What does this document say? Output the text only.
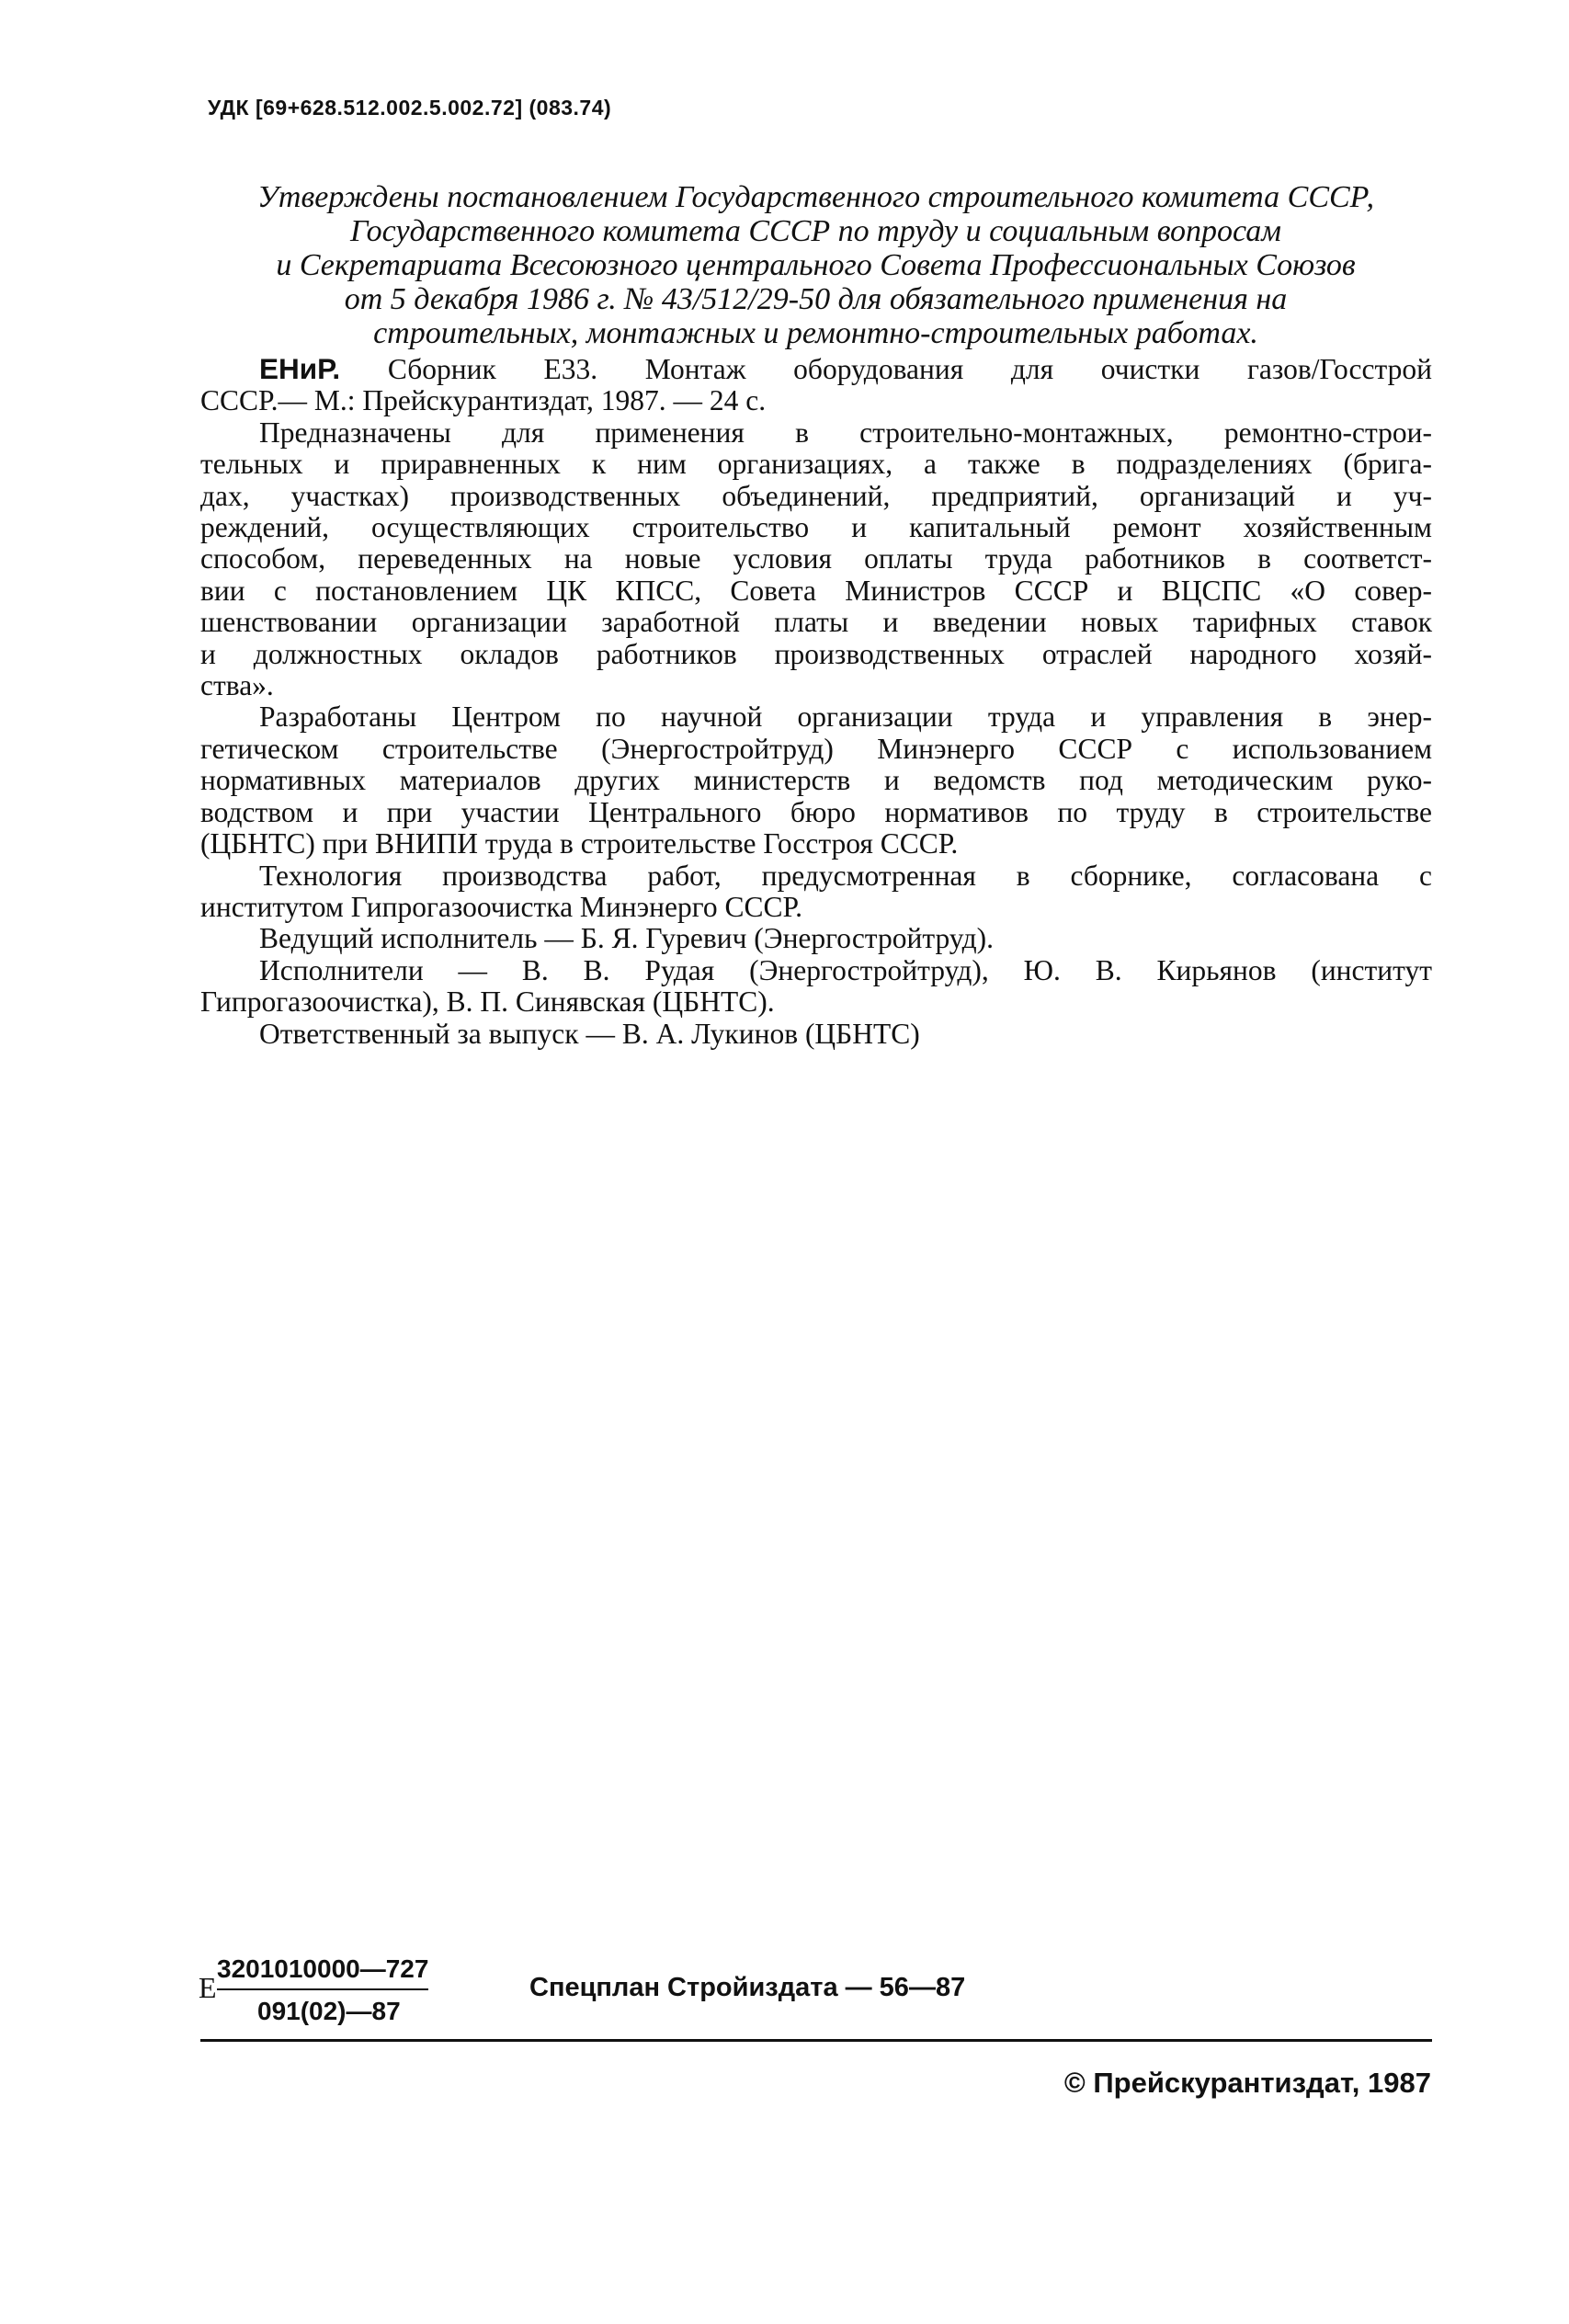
УДК [69+628.512.002.5.002.72] (083.74)
Утверждены постановлением Государственного строительного комитета СССР,
Государственного комитета СССР по труду и социальным вопросам
и Секретариата Всесоюзного центрального Совета Профессиональных Союзов
от 5 декабря 1986 г. № 43/512/29-50 для обязательного применения на
строительных, монтажных и ремонтно-строительных работах.
ЕНиР. Сборник Е33. Монтаж оборудования для очистки газов/Госстрой
СССР.— М.: Прейскурантиздат, 1987. — 24 с.
Предназначены для применения в строительно-монтажных, ремонтно-строи-
тельных и приравненных к ним организациях, а также в подразделениях (брига-
дах, участках) производственных объединений, предприятий, организаций и уч-
реждений, осуществляющих строительство и капитальный ремонт хозяйственным
способом, переведенных на новые условия оплаты труда работников в соответст-
вии с постановлением ЦК КПСС, Совета Министров СССР и ВЦСПС «О совер-
шенствовании организации заработной платы и введении новых тарифных ставок
и должностных окладов работников производственных отраслей народного хозяй-
ства».
Разработаны Центром по научной организации труда и управления в энер-
гетическом строительстве (Энергостройтруд) Минэнерго СССР с использованием
нормативных материалов других министерств и ведомств под методическим руко-
водством и при участии Центрального бюро нормативов по труду в строительстве
(ЦБНТС) при ВНИПИ труда в строительстве Госстроя СССР.
Технология производства работ, предусмотренная в сборнике, согласована с
институтом Гипрогазоочистка Минэнерго СССР.
Ведущий исполнитель — Б. Я. Гуревич (Энергостройтруд).
Исполнители — В. В. Рудая (Энергостройтруд), Ю. В. Кирьянов (институт
Гипрогазоочистка), В. П. Синявская (ЦБНТС).
Ответственный за выпуск — В. А. Лукинов (ЦБНТС)
Е
3201010000—727
091(02)—87
Спецплан Стройиздата — 56—87
© Прейскурантиздат, 1987
